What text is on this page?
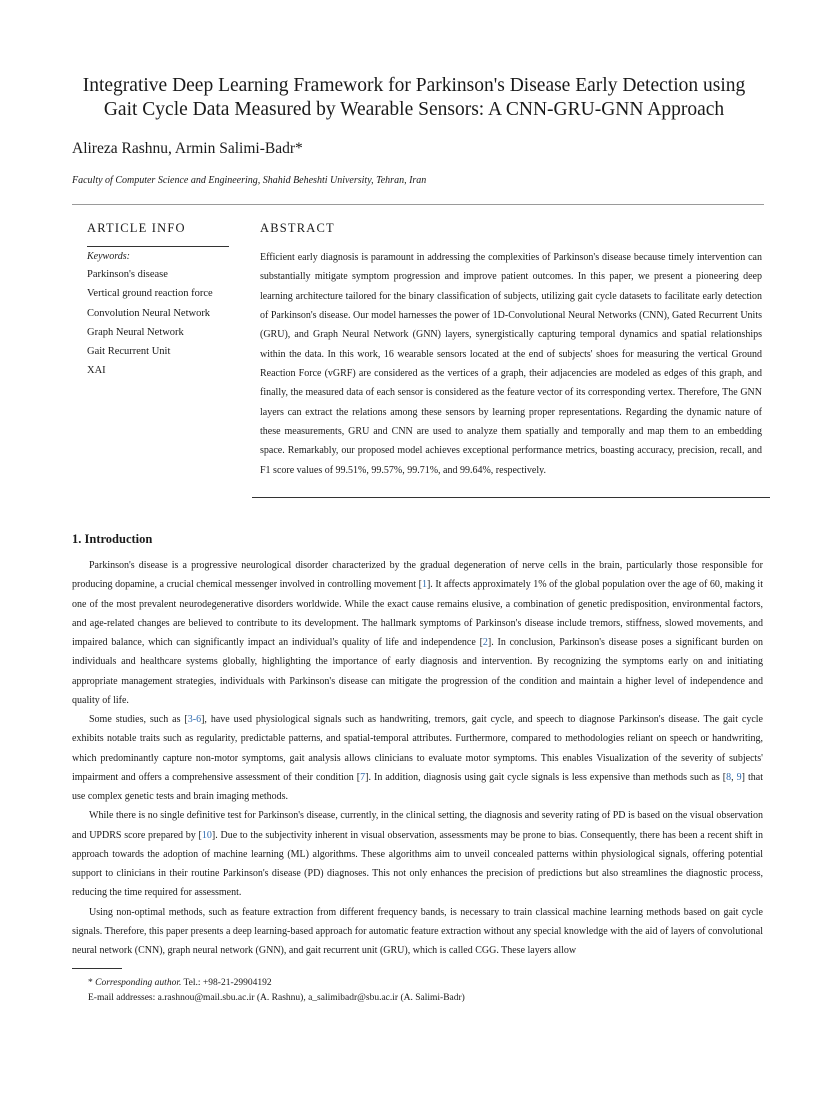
Integrative Deep Learning Framework for Parkinson's Disease Early Detection using
Gait Cycle Data Measured by Wearable Sensors: A CNN-GRU-GNN Approach
Alireza Rashnu, Armin Salimi-Badr*
Faculty of Computer Science and Engineering, Shahid Beheshti University, Tehran, Iran
ARTICLE INFO	ABSTRACT
Keywords:
Parkinson's disease
Vertical ground reaction force
Convolution Neural Network
Graph Neural Network
Gait Recurrent Unit
XAI

Efficient early diagnosis is paramount in addressing the complexities of Parkinson's disease because timely intervention can substantially mitigate symptom progression and improve patient outcomes. In this paper, we present a pioneering deep learning architecture tailored for the binary classification of subjects, utilizing gait cycle datasets to facilitate early detection of Parkinson's disease. Our model harnesses the power of 1D-Convolutional Neural Networks (CNN), Gated Recurrent Units (GRU), and Graph Neural Network (GNN) layers, synergistically capturing temporal dynamics and spatial relationships within the data. In this work, 16 wearable sensors located at the end of subjects' shoes for measuring the vertical Ground Reaction Force (vGRF) are considered as the vertices of a graph, their adjacencies are modeled as edges of this graph, and finally, the measured data of each sensor is considered as the feature vector of its corresponding vertex. Therefore, The GNN layers can extract the relations among these sensors by learning proper representations. Regarding the dynamic nature of these measurements, GRU and CNN are used to analyze them spatially and temporally and map them to an embedding space. Remarkably, our proposed model achieves exceptional performance metrics, boasting accuracy, precision, recall, and F1 score values of 99.51%, 99.57%, 99.71%, and 99.64%, respectively.

1. Introduction

Parkinson's disease is a progressive neurological disorder characterized by the gradual degeneration of nerve cells in the brain, particularly those responsible for producing dopamine, a crucial chemical messenger involved in controlling movement [1]. It affects approximately 1% of the global population over the age of 60, making it one of the most prevalent neurodegenerative disorders worldwide. While the exact cause remains elusive, a combination of genetic predisposition, environmental factors, and age-related changes are believed to contribute to its development. The hallmark symptoms of Parkinson's disease include tremors, stiffness, slowed movements, and impaired balance, which can significantly impact an individual's quality of life and independence [2]. In conclusion, Parkinson's disease poses a significant burden on individuals and healthcare systems globally, highlighting the importance of early diagnosis and intervention. By recognizing the symptoms early on and initiating appropriate management strategies, individuals with Parkinson's disease can mitigate the progression of the condition and maintain a higher level of independence and quality of life.

Some studies, such as [3-6], have used physiological signals such as handwriting, tremors, gait cycle, and speech to diagnose Parkinson's disease. The gait cycle exhibits notable traits such as regularity, predictable patterns, and spatial-temporal attributes. Furthermore, compared to methodologies reliant on speech or handwriting, which predominantly capture non-motor symptoms, gait analysis allows clinicians to evaluate motor symptoms. This enables Visualization of the severity of subjects' impairment and offers a comprehensive assessment of their condition [7]. In addition, diagnosis using gait cycle signals is less expensive than methods such as [8, 9] that use complex genetic tests and brain imaging methods.

While there is no single definitive test for Parkinson's disease, currently, in the clinical setting, the diagnosis and severity rating of PD is based on the visual observation and UPDRS score prepared by [10]. Due to the subjectivity inherent in visual observation, assessments may be prone to bias. Consequently, there has been a recent shift in approach towards the adoption of machine learning (ML) algorithms. These algorithms aim to unveil concealed patterns within physiological signals, offering potential support to clinicians in their routine Parkinson's disease (PD) diagnoses. This not only enhances the precision of predictions but also streamlines the diagnostic process, reducing the time required for assessment.

Using non-optimal methods, such as feature extraction from different frequency bands, is necessary to train classical machine learning methods based on gait cycle signals. Therefore, this paper presents a deep learning-based approach for automatic feature extraction without any special knowledge with the aid of layers of convolutional neural network (CNN), graph neural network (GNN), and gait recurrent unit (GRU), which is called CGG. These layers allow

* Corresponding author. Tel.: +98-21-29904192
E-mail addresses: a.rashnou@mail.sbu.ac.ir (A. Rashnu), a_salimibadr@sbu.ac.ir (A. Salimi-Badr)
